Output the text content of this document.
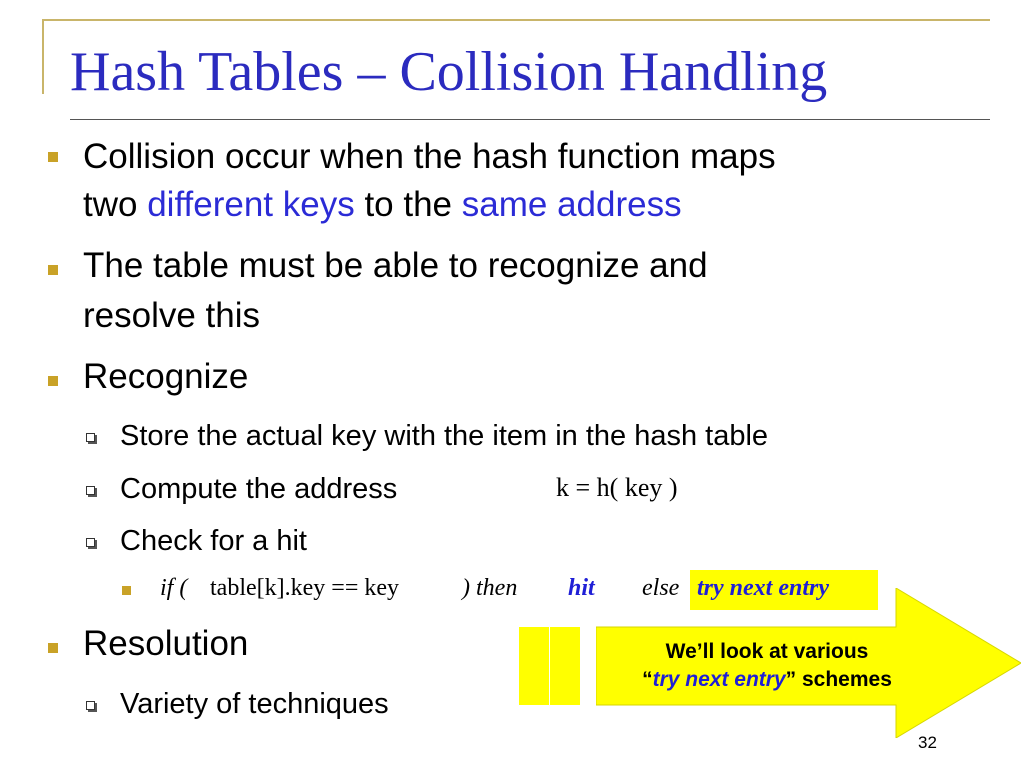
Hash Tables – Collision Handling
Collision occur when the hash function maps
two different keys to the same address
The table must be able to recognize and
resolve this
Recognize
Store the actual key with the item in the hash table
Compute the address	k = h( key )
Check for a hit
if ( table[k].key == key	) then hit else try next entry
Resolution
Variety of techniques
We’ll look at various
“try next entry” schemes
32
